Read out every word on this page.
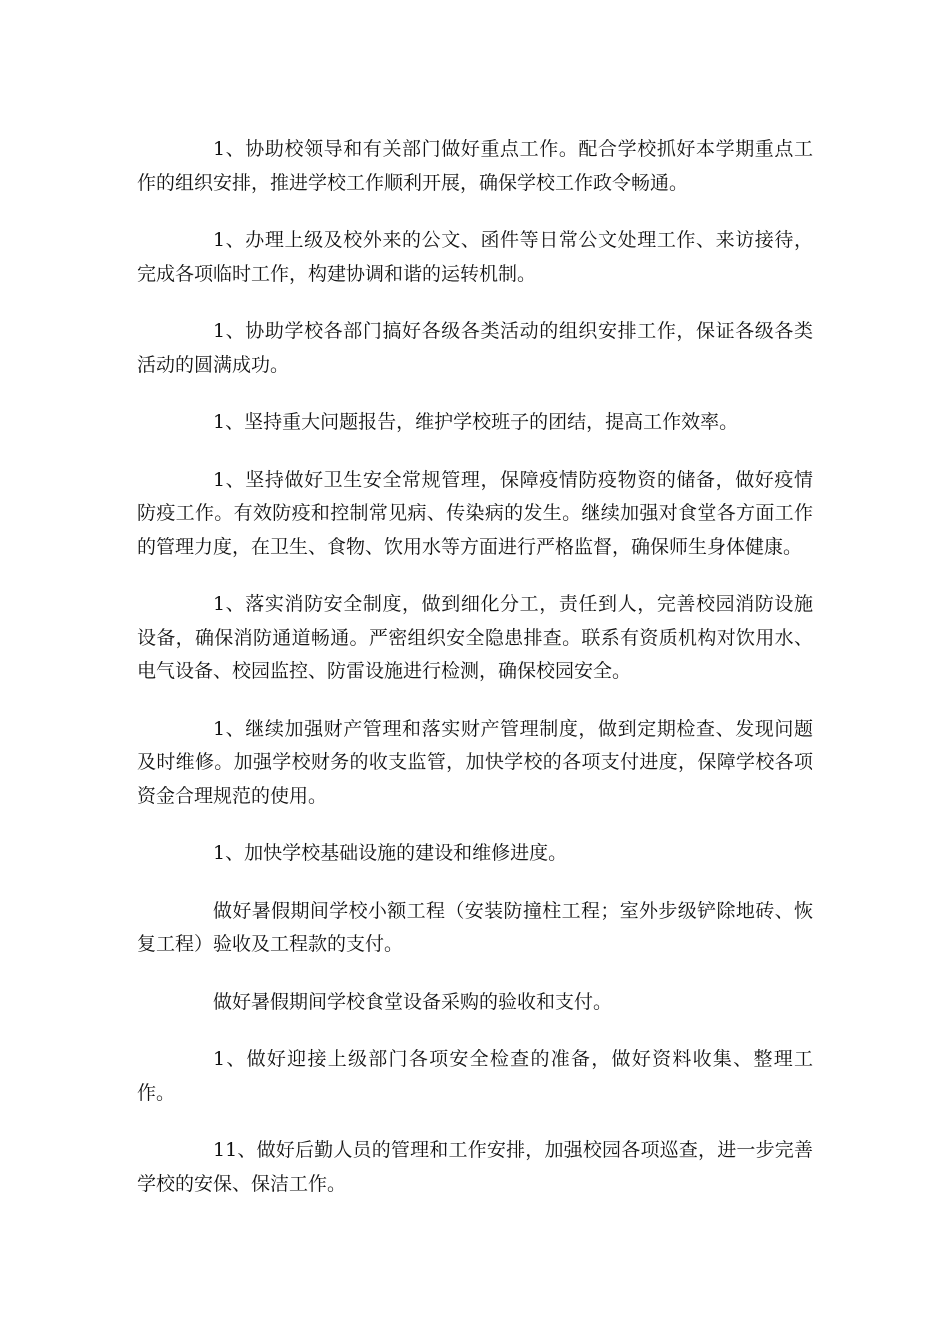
1、协助校领导和有关部门做好重点工作。配合学校抓好本学期重点工作的组织安排，推进学校工作顺利开展，确保学校工作政令畅通。

1、办理上级及校外来的公文、函件等日常公文处理工作、来访接待，完成各项临时工作，构建协调和谐的运转机制。

1、协助学校各部门搞好各级各类活动的组织安排工作，保证各级各类活动的圆满成功。

1、坚持重大问题报告，维护学校班子的团结，提高工作效率。

1、坚持做好卫生安全常规管理，保障疫情防疫物资的储备，做好疫情防疫工作。有效防疫和控制常见病、传染病的发生。继续加强对食堂各方面工作的管理力度，在卫生、食物、饮用水等方面进行严格监督，确保师生身体健康。

1、落实消防安全制度，做到细化分工，责任到人，完善校园消防设施设备，确保消防通道畅通。严密组织安全隐患排查。联系有资质机构对饮用水、电气设备、校园监控、防雷设施进行检测，确保校园安全。

1、继续加强财产管理和落实财产管理制度，做到定期检查、发现问题及时维修。加强学校财务的收支监管，加快学校的各项支付进度，保障学校各项资金合理规范的使用。

1、加快学校基础设施的建设和维修进度。

做好暑假期间学校小额工程（安装防撞柱工程；室外步级铲除地砖、恢复工程）验收及工程款的支付。

做好暑假期间学校食堂设备采购的验收和支付。

1、做好迎接上级部门各项安全检查的准备，做好资料收集、整理工作。

11、做好后勤人员的管理和工作安排，加强校园各项巡查，进一步完善学校的安保、保洁工作。
